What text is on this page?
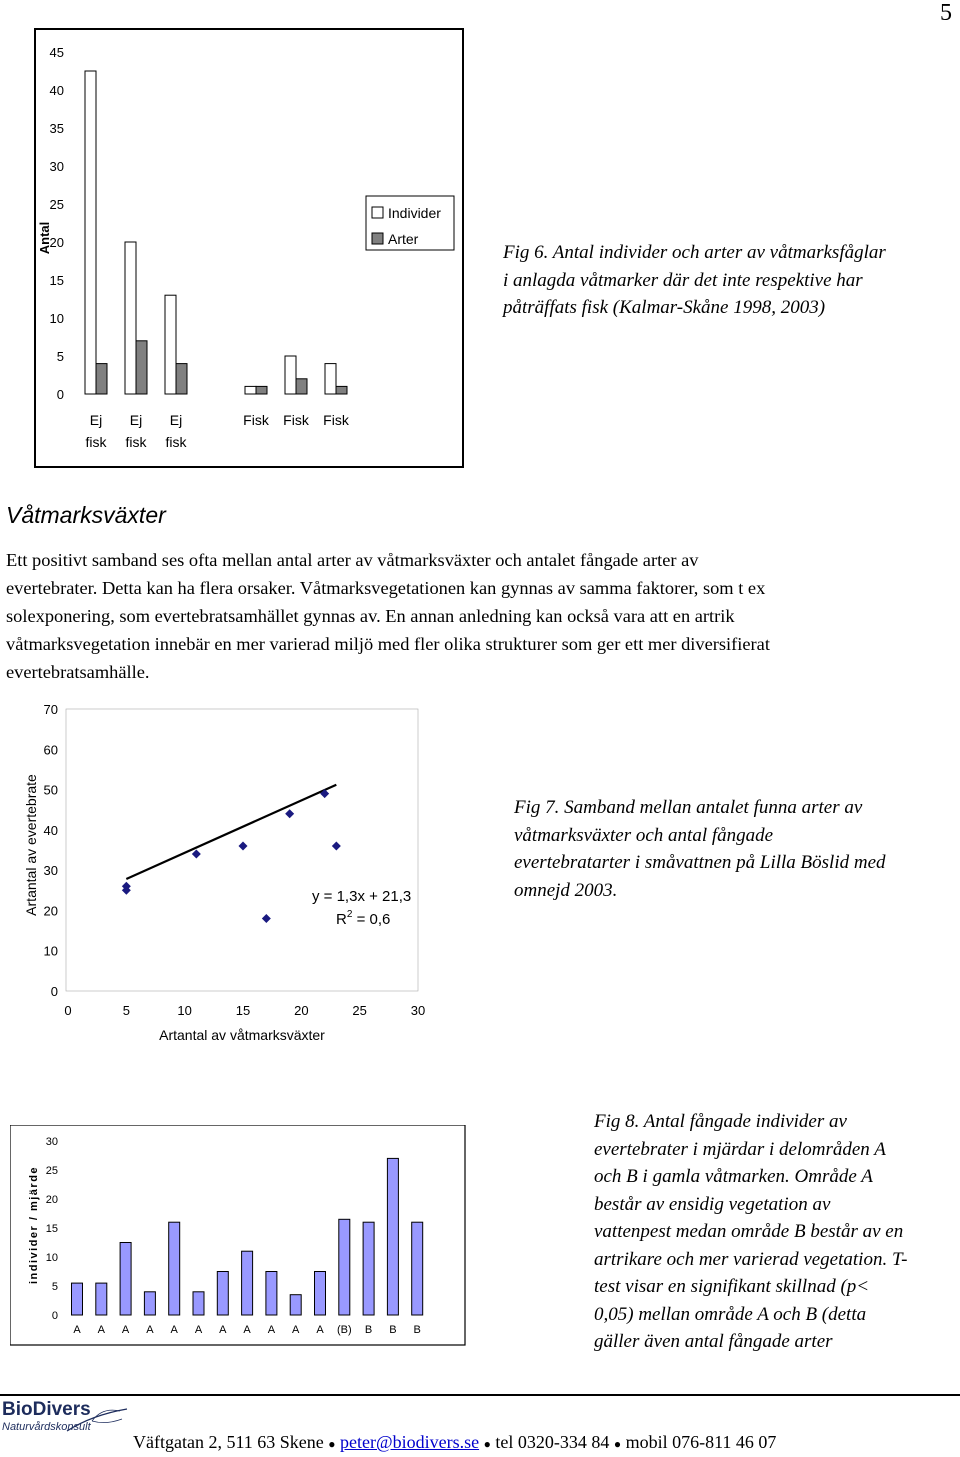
5
Antal
0
5
10
15
20
25
30
35
40
45
Ej
fisk
Ej
fisk
Ej
fisk
Fisk Fisk Fisk
Individer
Arter
Fig 6. Antal individer och arter av våtmarksfåglar
i anlagda våtmarker där det inte respektive har
påträffats fisk (Kalmar-Skåne 1998, 2003)
Våtmarksväxter
Ett positivt samband ses ofta mellan antal arter av våtmarksväxter och antalet fångade arter av
evertebrater. Detta kan ha flera orsaker. Våtmarksvegetationen kan gynnas av samma faktorer, som t ex
solexponering, som evertebratsamhället gynnas av. En annan anledning kan också vara att en artrik
våtmarksvegetation innebär en mer varierad miljö med fler olika strukturer som ger ett mer diversifierat
evertebratsamhälle.
Artantal av evertebrate
0
10
20
30
40
50
60
70
0	5	10	15	20	25	30
y = 1,3x + 21,3
$R^2 = 0,6$
Artantal av våtmarksväxter
Fig 7. Samband mellan antalet funna arter av
våtmarksväxter och antal fångade
evertebratarter i småvattnen på Lilla Böslid med
omnejd 2003.
individer / mjärde
0
5
10
15
20
25
30
A A A A A A A A A A A (B) B B B
Fig 8. Antal fångade individer av
evertebrater i mjärdar i delområden A
och B i gamla våtmarken. Område A
består av ensidig vegetation av
vattenpest medan område B består av en
artrikare och mer varierad vegetation. T-
test visar en signifikant skillnad (p<
0,05) mellan område A och B (detta
gäller även antal fångade arter
BioDivers
Naturvårdskonsult
Väftgatan 2, 511 63 Skene ● peter@biodivers.se ● tel 0320-334 84 ● mobil 076-811 46 07
